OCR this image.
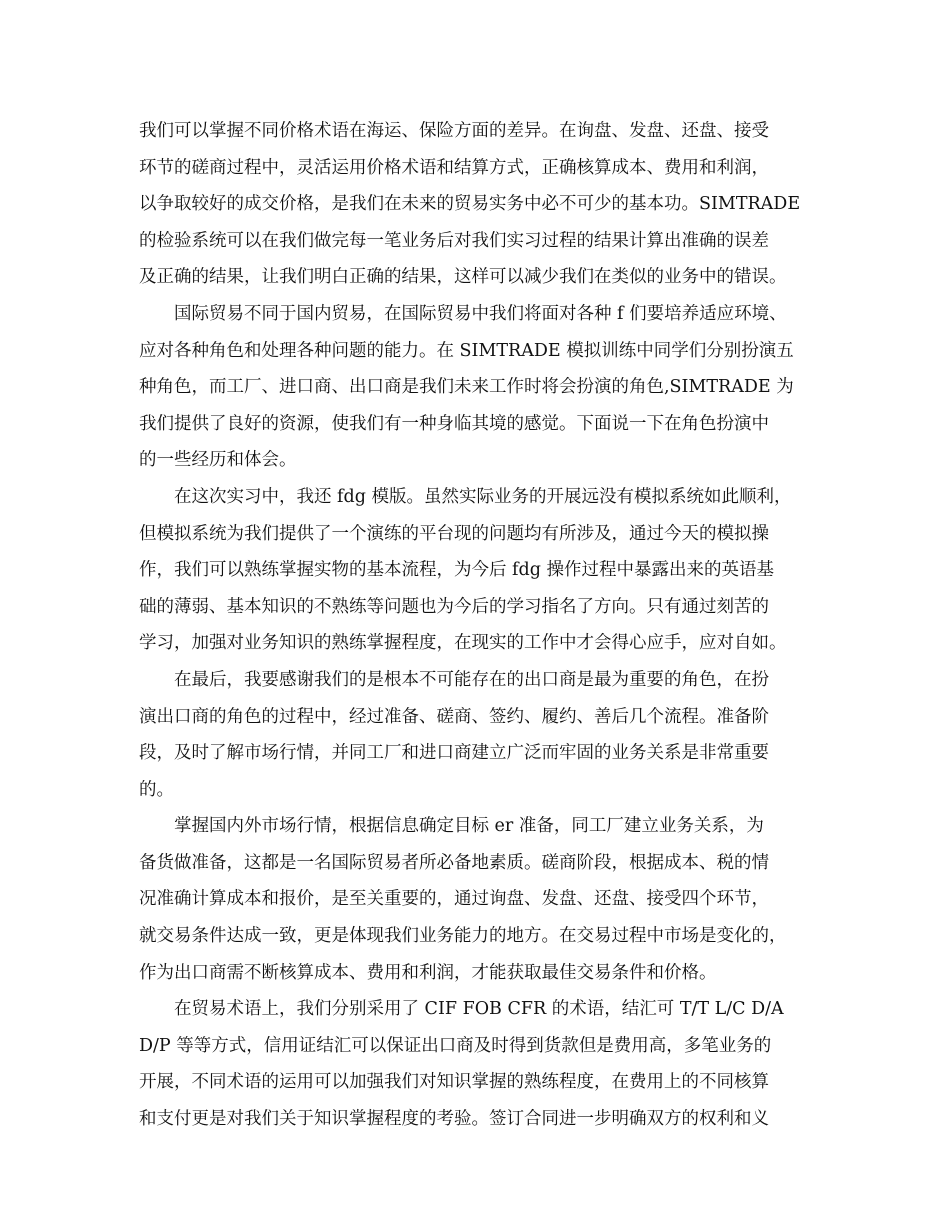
我们可以掌握不同价格术语在海运、保险方面的差异。在询盘、发盘、还盘、接受

环节的磋商过程中，灵活运用价格术语和结算方式，正确核算成本、费用和利润，

以争取较好的成交价格，是我们在未来的贸易实务中必不可少的基本功。SIMTRADE

的检验系统可以在我们做完每一笔业务后对我们实习过程的结果计算出准确的误差

及正确的结果，让我们明白正确的结果，这样可以减少我们在类似的业务中的错误。

　　国际贸易不同于国内贸易，在国际贸易中我们将面对各种 f 们要培养适应环境、

应对各种角色和处理各种问题的能力。在 SIMTRADE 模拟训练中同学们分别扮演五

种角色，而工厂、进口商、出口商是我们未来工作时将会扮演的角色,SIMTRADE 为

我们提供了良好的资源，使我们有一种身临其境的感觉。下面说一下在角色扮演中

的一些经历和体会。

　　在这次实习中，我还 fdg 模版。虽然实际业务的开展远没有模拟系统如此顺利，

但模拟系统为我们提供了一个演练的平台现的问题均有所涉及，通过今天的模拟操

作，我们可以熟练掌握实物的基本流程，为今后 fdg 操作过程中暴露出来的英语基

础的薄弱、基本知识的不熟练等问题也为今后的学习指名了方向。只有通过刻苦的

学习，加强对业务知识的熟练掌握程度，在现实的工作中才会得心应手，应对自如。

　　在最后，我要感谢我们的是根本不可能存在的出口商是最为重要的角色，在扮

演出口商的角色的过程中，经过准备、磋商、签约、履约、善后几个流程。准备阶

段，及时了解市场行情，并同工厂和进口商建立广泛而牢固的业务关系是非常重要

的。

　　掌握国内外市场行情，根据信息确定目标 er 准备，同工厂建立业务关系，为

备货做准备，这都是一名国际贸易者所必备地素质。磋商阶段，根据成本、税的情

况准确计算成本和报价，是至关重要的，通过询盘、发盘、还盘、接受四个环节，

就交易条件达成一致，更是体现我们业务能力的地方。在交易过程中市场是变化的，

作为出口商需不断核算成本、费用和利润，才能获取最佳交易条件和价格。

　　在贸易术语上，我们分别采用了 CIF FOB CFR 的术语，结汇可 T/T L/C D/A

D/P 等等方式，信用证结汇可以保证出口商及时得到货款但是费用高，多笔业务的

开展，不同术语的运用可以加强我们对知识掌握的熟练程度，在费用上的不同核算

和支付更是对我们关于知识掌握程度的考验。签订合同进一步明确双方的权利和义
